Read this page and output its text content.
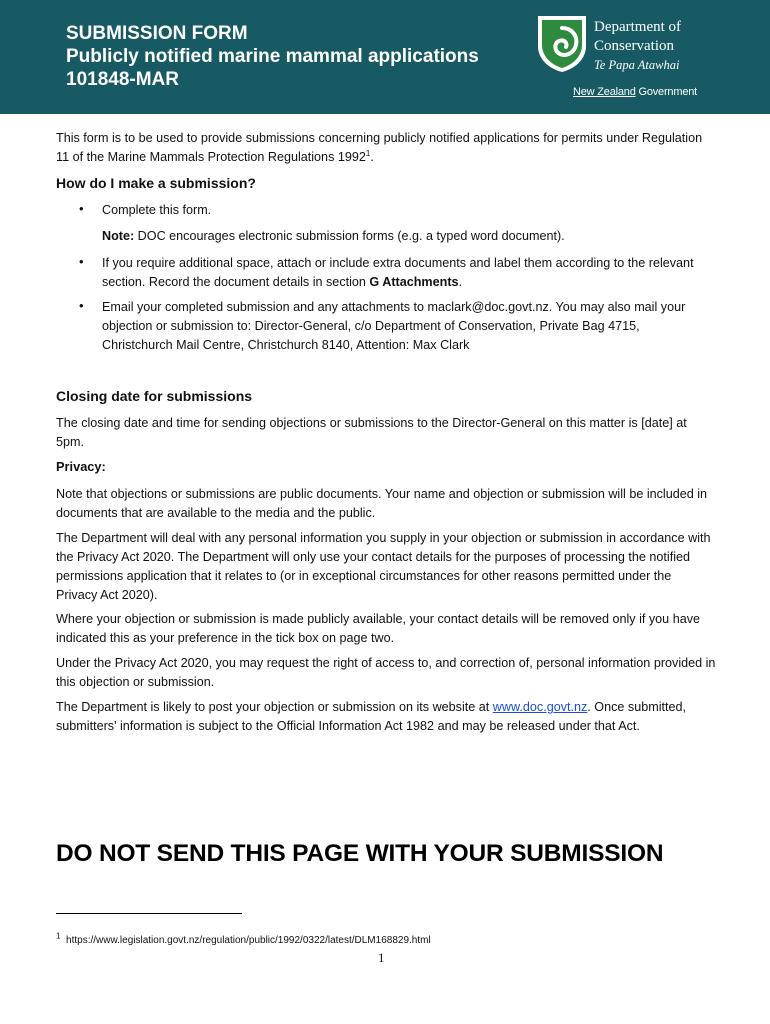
SUBMISSION FORM
Publicly notified marine mammal applications
101848-MAR
Department of
Conservation
Te Papa Atawhai
New Zealand Government
-
This form is to be used to provide submissions concerning publicly notified applications for permits under Regulation 11 of the Marine Mammals Protection Regulations 1992$^1$.
How do I make a submission?
• Complete this form.
Note: DOC encourages electronic submission forms (e.g. a typed word document).
• If you require additional space, attach or include extra documents and label them according to the relevant section. Record the document details in section G Attachments.
• Email your completed submission and any attachments to maclark@doc.govt.nz. You may also mail your objection or submission to: Director-General, c/o Department of Conservation, Private Bag 4715, Christchurch Mail Centre, Christchurch 8140, Attention: Max Clark
Closing date for submissions
The closing date and time for sending objections or submissions to the Director-General on this matter is [date] at 5pm.
Privacy:
Note that objections or submissions are public documents. Your name and objection or submission will be included in documents that are available to the media and the public.
The Department will deal with any personal information you supply in your objection or submission in accordance with the Privacy Act 2020. The Department will only use your contact details for the purposes of processing the notified permissions application that it relates to (or in exceptional circumstances for other reasons permitted under the Privacy Act 2020).
Where your objection or submission is made publicly available, your contact details will be removed only if you have indicated this as your preference in the tick box on page two.
Under the Privacy Act 2020, you may request the right of access to, and correction of, personal information provided in this objection or submission.
The Department is likely to post your objection or submission on its website at www.doc.govt.nz. Once submitted, submitters' information is subject to the Official Information Act 1982 and may be released under that Act.
DO NOT SEND THIS PAGE WITH YOUR SUBMISSION
$^1$ https://www.legislation.govt.nz/regulation/public/1992/0322/latest/DLM168829.html
1
